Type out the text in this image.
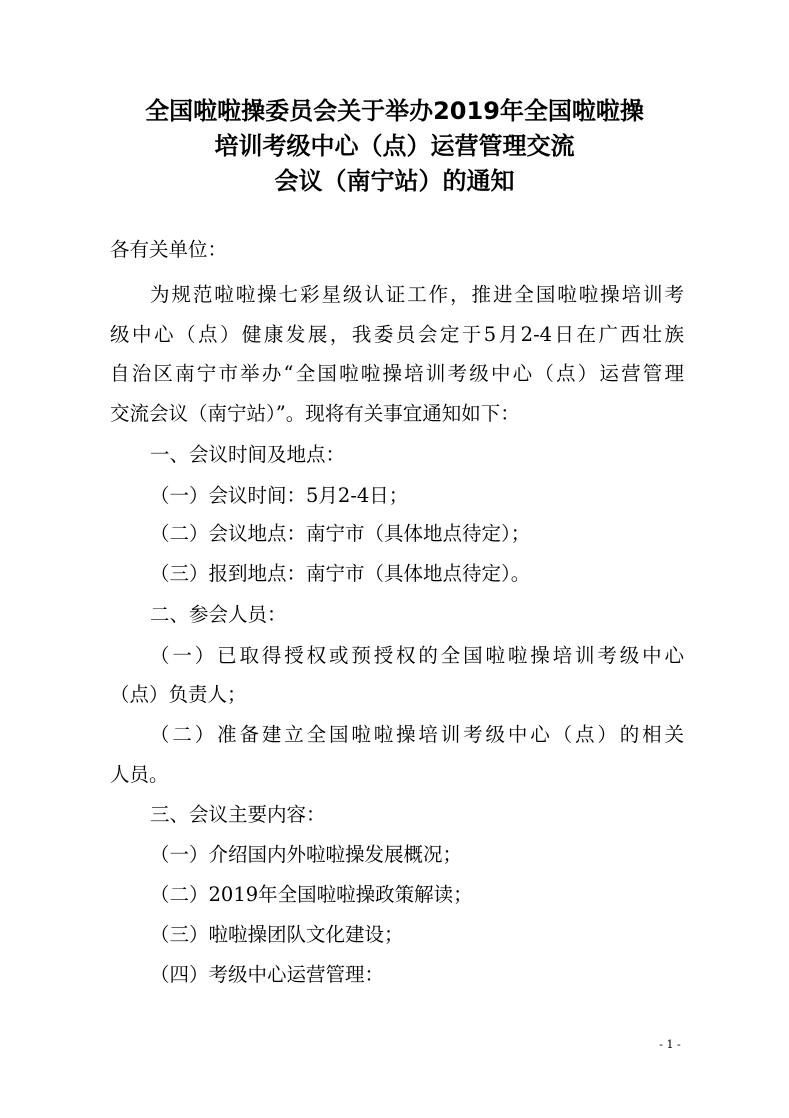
全国啦啦操委员会关于举办2019年全国啦啦操
培训考级中心（点）运营管理交流
会议（南宁站）的通知
各有关单位：
为规范啦啦操七彩星级认证工作，推进全国啦啦操培训考
级中心（点）健康发展，我委员会定于5月2-4日在广西壮族
自治区南宁市举办“全国啦啦操培训考级中心（点）运营管理
交流会议（南宁站）”。现将有关事宜通知如下：
一、会议时间及地点：
（一）会议时间：5月2-4日；
（二）会议地点：南宁市（具体地点待定）；
（三）报到地点：南宁市（具体地点待定）。
二、参会人员：
（一）已取得授权或预授权的全国啦啦操培训考级中心
（点）负责人；
（二）准备建立全国啦啦操培训考级中心（点）的相关
人员。
三、会议主要内容：
（一）介绍国内外啦啦操发展概况；
（二）2019年全国啦啦操政策解读；
（三）啦啦操团队文化建设；
（四）考级中心运营管理：
- 1 -
